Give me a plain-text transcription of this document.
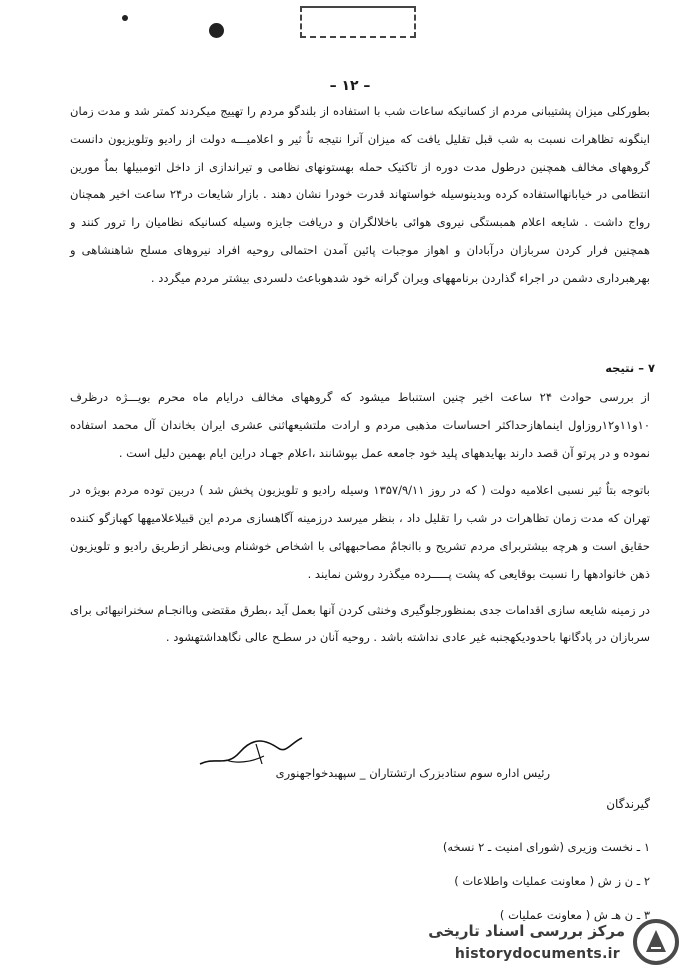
– ۱۲ –

بطورکلی میزان پشتیبانی مردم از کسانیکه ساعات شب با استفاده از بلندگو مردم را تهییج میکردند کمتر شد و مدت زمان اینگونه تظاهرات نسبت به شب قبل تقلیل یافت که میزان آنرا نتیجه تاٌ ثیر و اعلامیـــه دولت از رادیو وتلویزیون دانست گروههای مخالف همچنین درطول مدت دوره از تاکتیک حمله بهستونهای نظامی و تیراندازی از داخل اتومبیلها بماٌ مورین انتظامی در خیابانهااستفاده کرده وبدینوسیله خواستهاند قدرت خودرا نشان دهند . بازار شایعات در۲۴ ساعت اخیر همچنان رواج داشت . شایعه اعلام همبستگی نیروی هوائی باخلالگران و دریافت جایزه وسیله کسانیکه نظامیان را ترور کنند و همچنین فرار کردن سربازان درآبادان و اهواز موجبات پائین آمدن احتمالی روحیه افراد نیروهای مسلح شاهنشاهی و بهرهبرداری دشمن در اجراء گذاردن برنامههای ویران گرانه خود شدهوباعث دلسردی بیشتر مردم میگردد .

۷ – نتیجه

از بررسی حوادث ۲۴ ساعت اخیر چنین استنباط میشود که گروههای مخالف درایام ماه محرم بویـــژه درظرف ۱۰و۱۱و۱۲روزاول اینماهازحداکثر احساسات مذهبی مردم و ارادت ملتشیعهاثنی عشری ایران بخاندان آل محمد استفاده نموده و در پرتو آن قصد دارند بهایدههای پلید خود جامعه عمل بپوشانند ،اعلام جهـاد دراین ایام بهمین دلیل است .

باتوجه بتاٌ ثیر نسبی اعلامیه دولت ( که در روز ۱۳۵۷/۹/۱۱ وسیله رادیو و تلویزیون پخش شد ) دربین توده مردم بویژه در تهران که مدت زمان تظاهرات در شب را تقلیل داد ، بنظر میرسد درزمینه آگاهسازی مردم این قبیلاعلامیهها کهبازگو کننده حقایق است و هرچه بیشتربرای مردم تشریح و باانجامٌ مصاحبههائی با اشخاص خوشنام وبی‌نظر ازطریق رادیو و تلویزیون ذهن خانوادهها را نسبت بوقایعی که پشت پـــــرده میگذرد روشن نمایند .

در زمینه شایعه سازی اقدامات جدی بمنظورجلوگیری وخنثی کردن آنها بعمل آید ،بطرق مقتضی وباانجـام سخنرانیهائی برای سربازان در پادگانها باحدودیکهجنبه غیر عادی نداشته باشد . روحیه آنان در سطـح عالی نگاهداشتهشود .

رئیس اداره سوم ستادبزرک ارتشتاران _ سپهبدخواجهنوری
گیرندگان
۱ ـ نخست وزیری (شورای امنیت ـ ۲ نسخه)
۲ ـ ن ز ش ( معاونت عملیات واطلاعات )
۳ ـ ن هـ ش ( معاونت عملیات )
مرکز بررسی اسناد تاریخی
historydocuments.ir
